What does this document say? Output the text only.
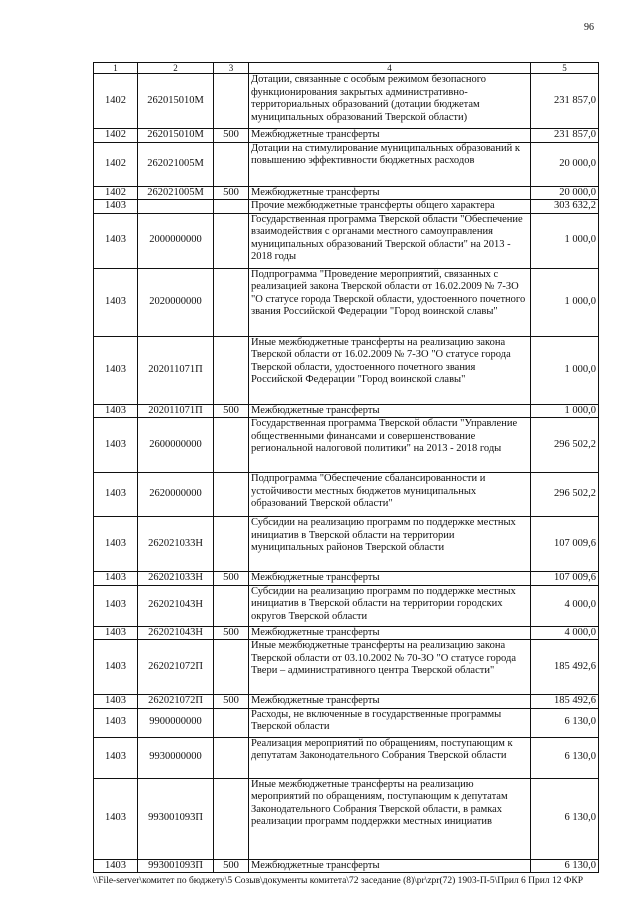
96
1	2	3	4	5
1402	262015010М		Дотации, связанные с особым режимом безопасного функционирования закрытых административно-территориальных образований (дотации бюджетам муниципальных образований Тверской области)	231 857,0
1402	262015010М	500	Межбюджетные трансферты	231 857,0
1402	262021005М		Дотации на стимулирование муниципальных образований к повышению эффективности бюджетных расходов	20 000,0
1402	262021005М	500	Межбюджетные трансферты	20 000,0
1403			Прочие межбюджетные трансферты общего характера	303 632,2
1403	2000000000		Государственная программа Тверской области "Обеспечение взаимодействия с органами местного самоуправления муниципальных образований Тверской области" на 2013 - 2018 годы	1 000,0
1403	2020000000		Подпрограмма "Проведение мероприятий, связанных с реализацией закона Тверской области от 16.02.2009 № 7-ЗО "О статусе города Тверской области, удостоенного почетного звания Российской Федерации "Город воинской славы"	1 000,0
1403	202011071П		Иные межбюджетные трансферты на реализацию закона Тверской области от 16.02.2009 № 7-ЗО "О статусе города Тверской области, удостоенного почетного звания Российской Федерации "Город воинской славы"	1 000,0
1403	202011071П	500	Межбюджетные трансферты	1 000,0
1403	2600000000		Государственная программа Тверской области "Управление общественными финансами и совершенствование региональной налоговой политики" на 2013 - 2018 годы	296 502,2
1403	2620000000		Подпрограмма "Обеспечение сбалансированности и устойчивости местных бюджетов муниципальных образований Тверской области"	296 502,2
1403	262021033Н		Субсидии на реализацию программ по поддержке местных инициатив в Тверской области на территории муниципальных районов Тверской области	107 009,6
1403	262021033Н	500	Межбюджетные трансферты	107 009,6
1403	262021043Н		Субсидии на реализацию программ по поддержке местных инициатив в Тверской области на территории городских округов Тверской области	4 000,0
1403	262021043Н	500	Межбюджетные трансферты	4 000,0
1403	262021072П		Иные межбюджетные трансферты на реализацию закона Тверской области от 03.10.2002 № 70-ЗО "О статусе города Твери – административного центра Тверской области"	185 492,6
1403	262021072П	500	Межбюджетные трансферты	185 492,6
1403	9900000000		Расходы, не включенные в государственные программы Тверской области	6 130,0
1403	9930000000		Реализация мероприятий по обращениям, поступающим к депутатам Законодательного Собрания Тверской области	6 130,0
1403	993001093П		Иные межбюджетные трансферты на реализацию мероприятий по обращениям, поступающим к депутатам Законодательного Собрания Тверской области, в рамках реализации программ поддержки местных инициатив	6 130,0
1403	993001093П	500	Межбюджетные трансферты	6 130,0
\\File-server\комитет по бюджету\5 Созыв\документы комитета\72 заседание (8)\pr\zpr(72) 1903-П-5\Прил 6 Прил 12 ФКР
